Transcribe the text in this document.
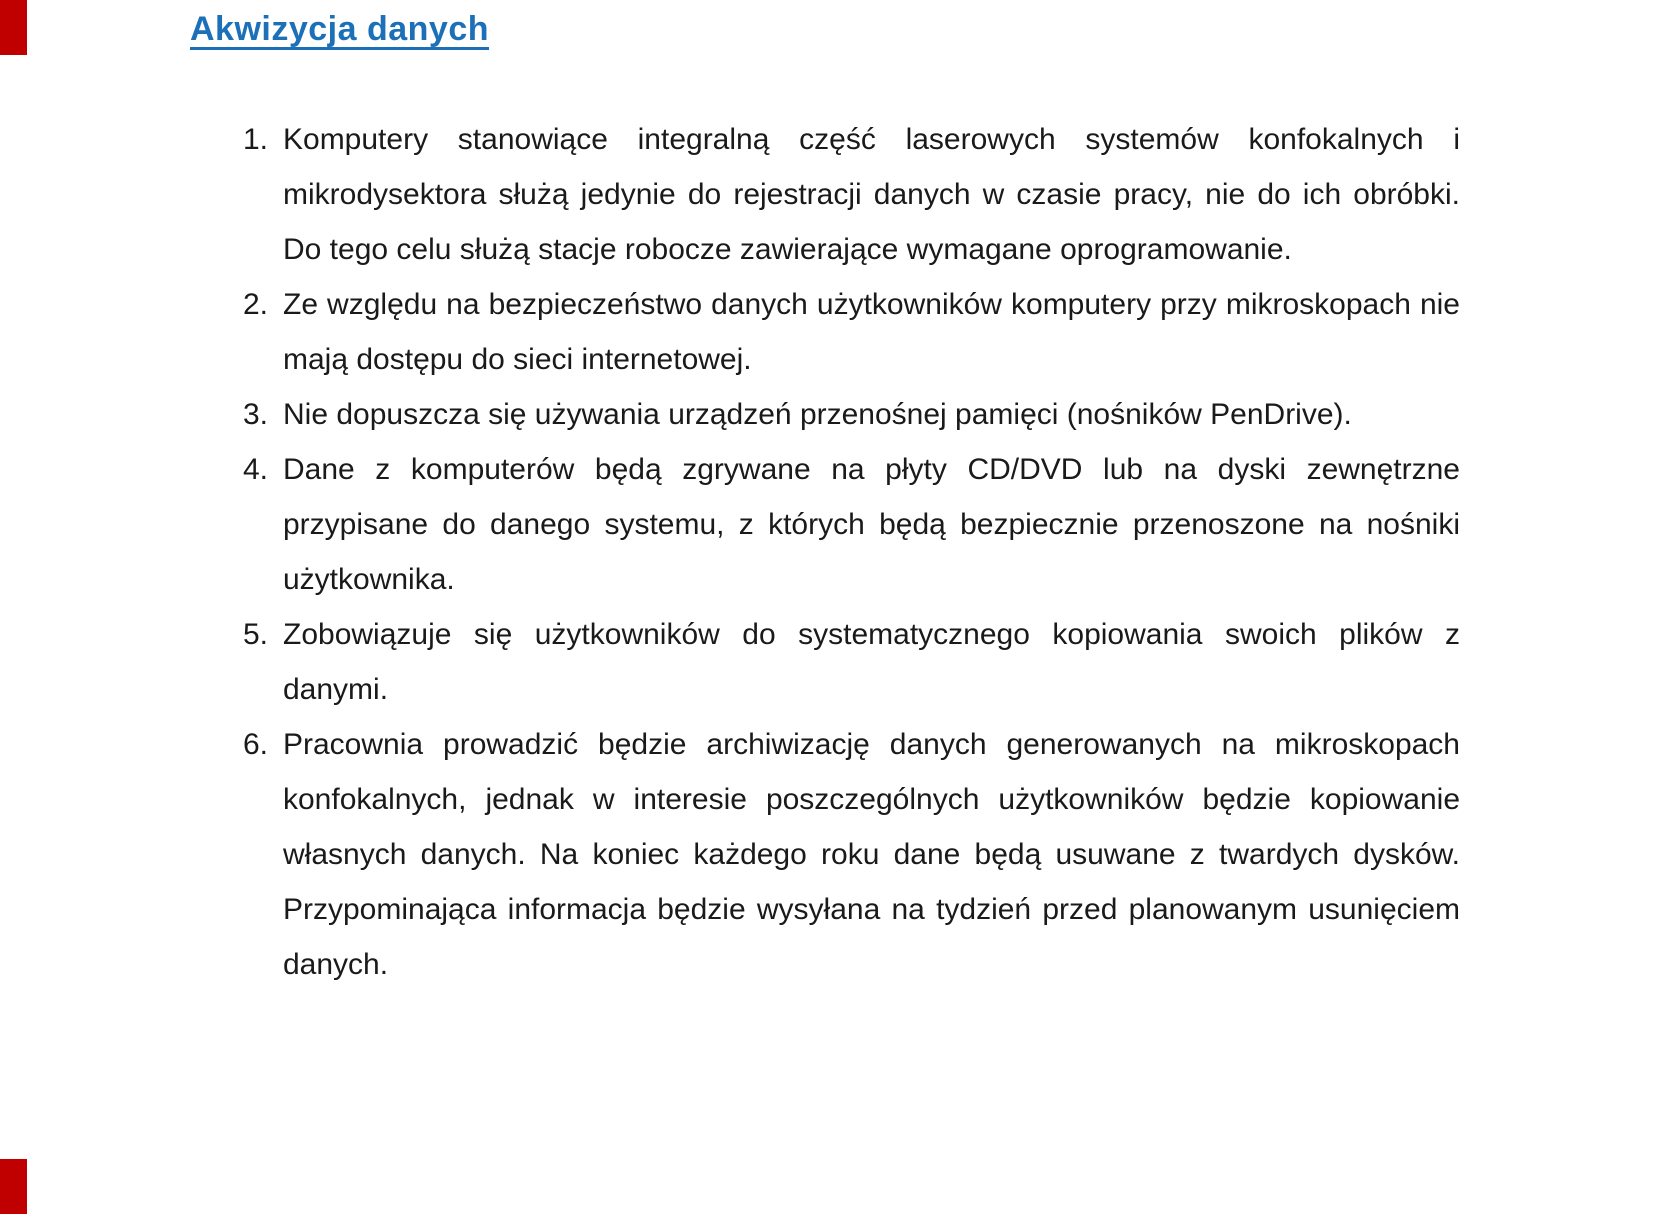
Akwizycja danych
1. Komputery stanowiące integralną część laserowych systemów konfokalnych i mikrodysektora służą jedynie do rejestracji danych w czasie pracy, nie do ich obróbki. Do tego celu służą stacje robocze zawierające wymagane oprogramowanie.

2. Ze względu na bezpieczeństwo danych użytkowników komputery przy mikroskopach nie mają dostępu do sieci internetowej.

3. Nie dopuszcza się używania urządzeń przenośnej pamięci (nośników PenDrive).

4. Dane z komputerów będą zgrywane na płyty CD/DVD lub na dyski zewnętrzne przypisane do danego systemu, z których będą bezpiecznie przenoszone na nośniki użytkownika.

5. Zobowiązuje się użytkowników do systematycznego kopiowania swoich plików z danymi.

6. Pracownia prowadzić będzie archiwizację danych generowanych na mikroskopach konfokalnych, jednak w interesie poszczególnych użytkowników będzie kopiowanie własnych danych. Na koniec każdego roku dane będą usuwane z twardych dysków. Przypominająca informacja będzie wysyłana na tydzień przed planowanym usunięciem danych.
